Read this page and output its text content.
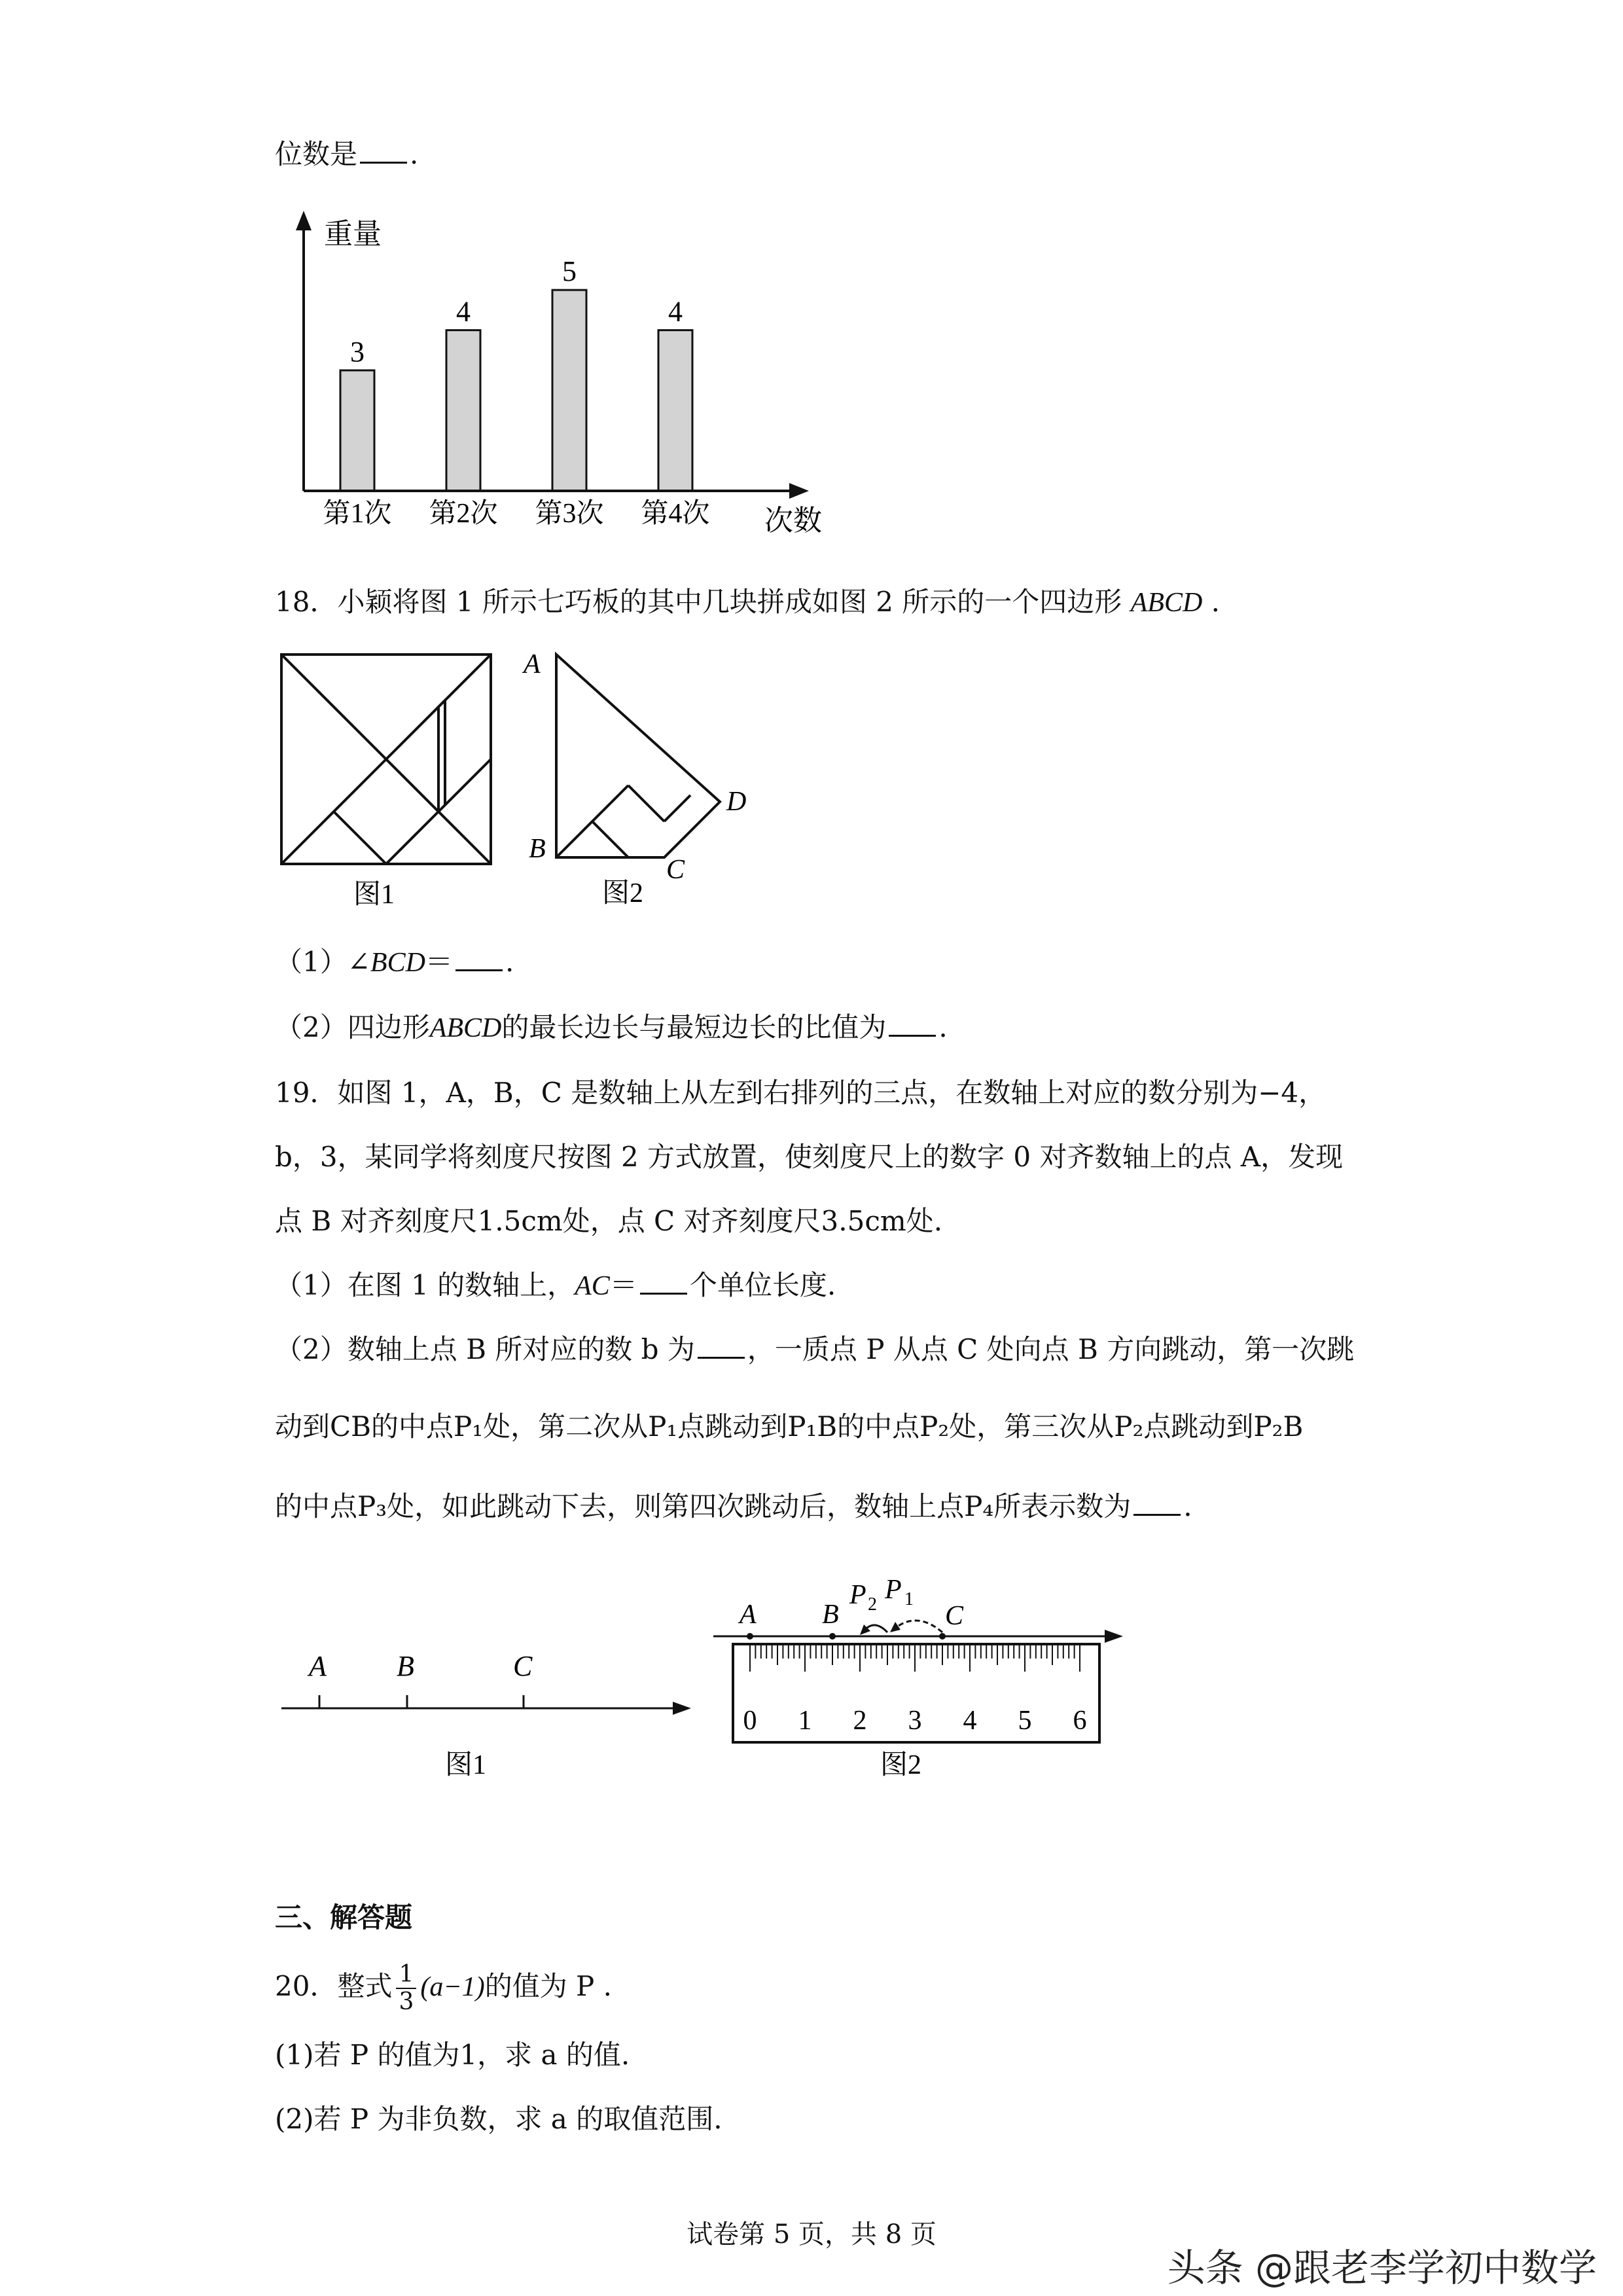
位数是 .
3
第1次
4
第2次
5
第3次
4
第4次
重量
次数
18．小颖将图 1 所示七巧板的其中几块拼成如图 2 所示的一个四边形 ABCD .
图1
A
B
C
D
图2
（1）∠BCD＝ .
（2）四边形ABCD的最长边长与最短边长的比值为 .
19．如图 1，A，B，C 是数轴上从左到右排列的三点，在数轴上对应的数分别为−4，
b，3，某同学将刻度尺按图 2 方式放置，使刻度尺上的数字 0 对齐数轴上的点 A，发现
点 B 对齐刻度尺1.5cm处，点 C 对齐刻度尺3.5cm处.
（1）在图 1 的数轴上，AC＝ 个单位长度.
（2）数轴上点 B 所对应的数 b 为 ，一质点 P 从点 C 处向点 B 方向跳动，第一次跳
动到CB的中点P₁处，第二次从P₁点跳动到P₁B的中点P₂处，第三次从P₂点跳动到P₂B
的中点P₃处，如此跳动下去，则第四次跳动后，数轴上点P₄所表示数为 .
A B	C
图1
0 1 2 3 4 5 6
A B
P 2 P 1
C
图2
三、解答题
20．整式 $\frac{1}{3} (a-1)$的值为 P .
(1)若 P 的值为1，求 a 的值.
(2)若 P 为非负数，求 a 的取值范围.
试卷第 5 页，共 8 页
头条 @跟老李学初中数学
